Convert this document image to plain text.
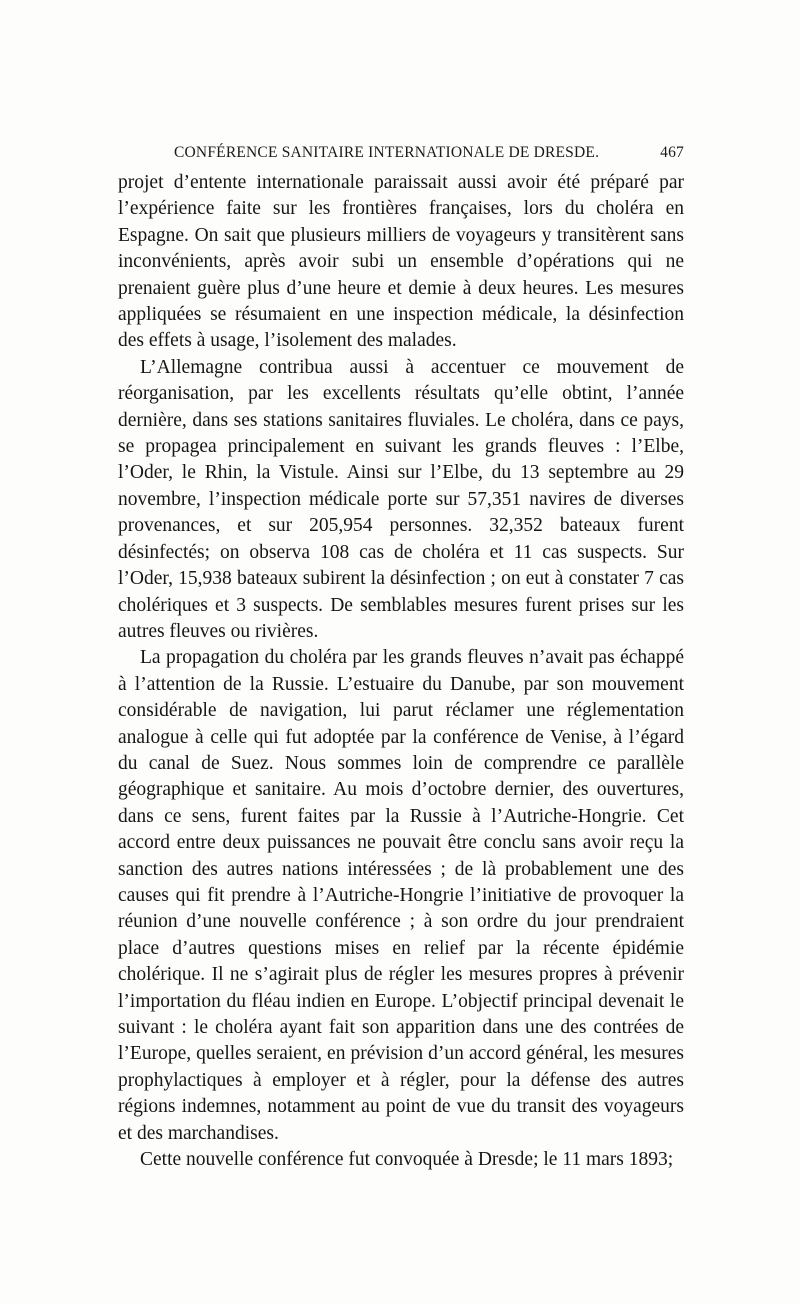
CONFÉRENCE SANITAIRE INTERNATIONALE DE DRESDE.	467

projet d’entente internationale paraissait aussi avoir été préparé par l’expérience faite sur les frontières françaises, lors du choléra en Espagne. On sait que plusieurs milliers de voyageurs y transitèrent sans inconvénients, après avoir subi un ensemble d’opérations qui ne prenaient guère plus d’une heure et demie à deux heures. Les mesures appliquées se résumaient en une inspection médicale, la désinfection des effets à usage, l’isolement des malades.

L’Allemagne contribua aussi à accentuer ce mouvement de réorganisation, par les excellents résultats qu’elle obtint, l’année dernière, dans ses stations sanitaires fluviales. Le choléra, dans ce pays, se propagea principalement en suivant les grands fleuves : l’Elbe, l’Oder, le Rhin, la Vistule. Ainsi sur l’Elbe, du 13 septembre au 29 novembre, l’inspection médicale porte sur 57,351 navires de diverses provenances, et sur 205,954 personnes. 32,352 bateaux furent désinfectés; on observa 108 cas de choléra et 11 cas suspects. Sur l’Oder, 15,938 bateaux subirent la désinfection ; on eut à constater 7 cas cholériques et 3 suspects. De semblables mesures furent prises sur les autres fleuves ou rivières.

La propagation du choléra par les grands fleuves n’avait pas échappé à l’attention de la Russie. L’estuaire du Danube, par son mouvement considérable de navigation, lui parut réclamer une réglementation analogue à celle qui fut adoptée par la conférence de Venise, à l’égard du canal de Suez. Nous sommes loin de comprendre ce parallèle géographique et sanitaire. Au mois d’octobre dernier, des ouvertures, dans ce sens, furent faites par la Russie à l’Autriche-Hongrie. Cet accord entre deux puissances ne pouvait être conclu sans avoir reçu la sanction des autres nations intéressées ; de là probablement une des causes qui fit prendre à l’Autriche-Hongrie l’initiative de provoquer la réunion d’une nouvelle conférence ; à son ordre du jour prendraient place d’autres questions mises en relief par la récente épidémie cholérique. Il ne s’agirait plus de régler les mesures propres à prévenir l’importation du fléau indien en Europe. L’objectif principal devenait le suivant : le choléra ayant fait son apparition dans une des contrées de l’Europe, quelles seraient, en prévision d’un accord général, les mesures prophylactiques à employer et à régler, pour la défense des autres régions indemnes, notamment au point de vue du transit des voyageurs et des marchandises.

Cette nouvelle conférence fut convoquée à Dresde; le 11 mars 1893;
